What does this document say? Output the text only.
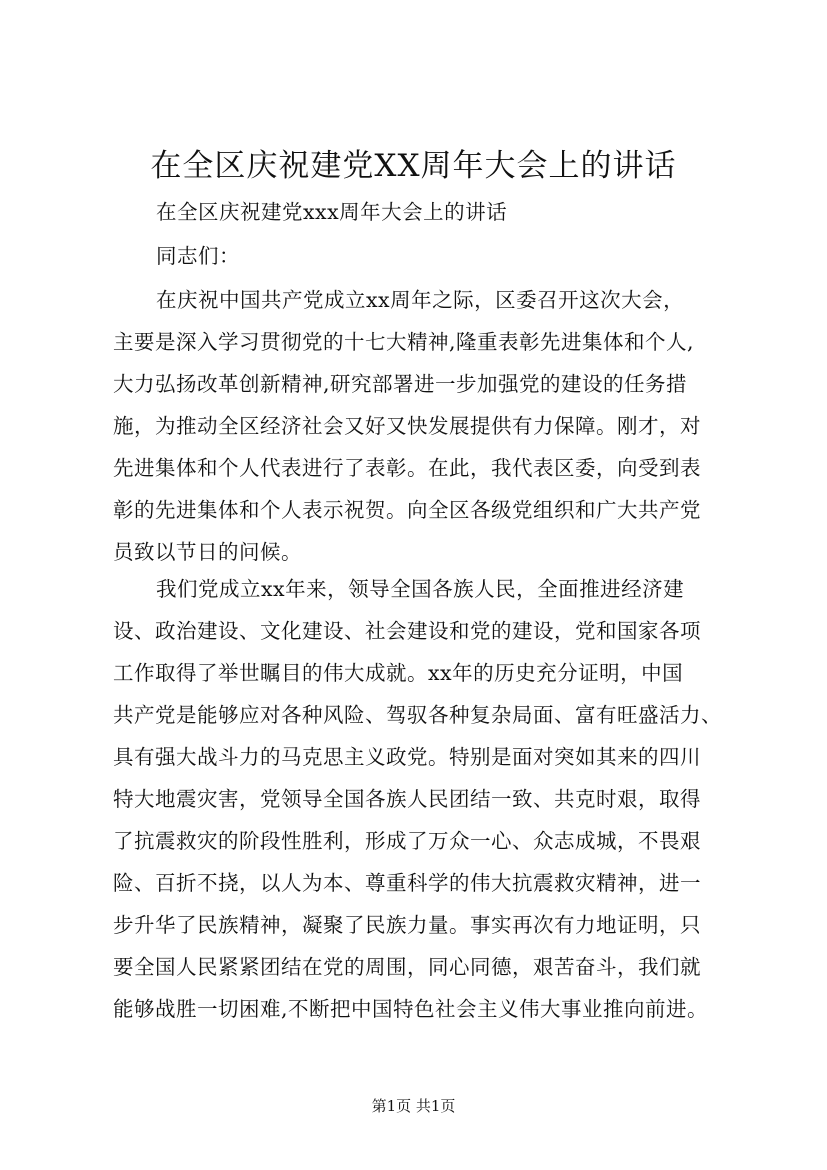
在全区庆祝建党XX周年大会上的讲话
在全区庆祝建党xxx周年大会上的讲话
同志们：
在庆祝中国共产党成立xx周年之际，区委召开这次大会，
主要是深入学习贯彻党的十七大精神,隆重表彰先进集体和个人,
大力弘扬改革创新精神,研究部署进一步加强党的建设的任务措
施，为推动全区经济社会又好又快发展提供有力保障。刚才，对
先进集体和个人代表进行了表彰。在此，我代表区委，向受到表
彰的先进集体和个人表示祝贺。向全区各级党组织和广大共产党
员致以节日的问候。
我们党成立xx年来，领导全国各族人民，全面推进经济建
设、政治建设、文化建设、社会建设和党的建设，党和国家各项
工作取得了举世瞩目的伟大成就。xx年的历史充分证明，中国
共产党是能够应对各种风险、驾驭各种复杂局面、富有旺盛活力、
具有强大战斗力的马克思主义政党。特别是面对突如其来的四川
特大地震灾害，党领导全国各族人民团结一致、共克时艰，取得
了抗震救灾的阶段性胜利，形成了万众一心、众志成城，不畏艰
险、百折不挠，以人为本、尊重科学的伟大抗震救灾精神，进一
步升华了民族精神，凝聚了民族力量。事实再次有力地证明，只
要全国人民紧紧团结在党的周围，同心同德，艰苦奋斗，我们就
能够战胜一切困难,不断把中国特色社会主义伟大事业推向前进。
第1页 共1页
